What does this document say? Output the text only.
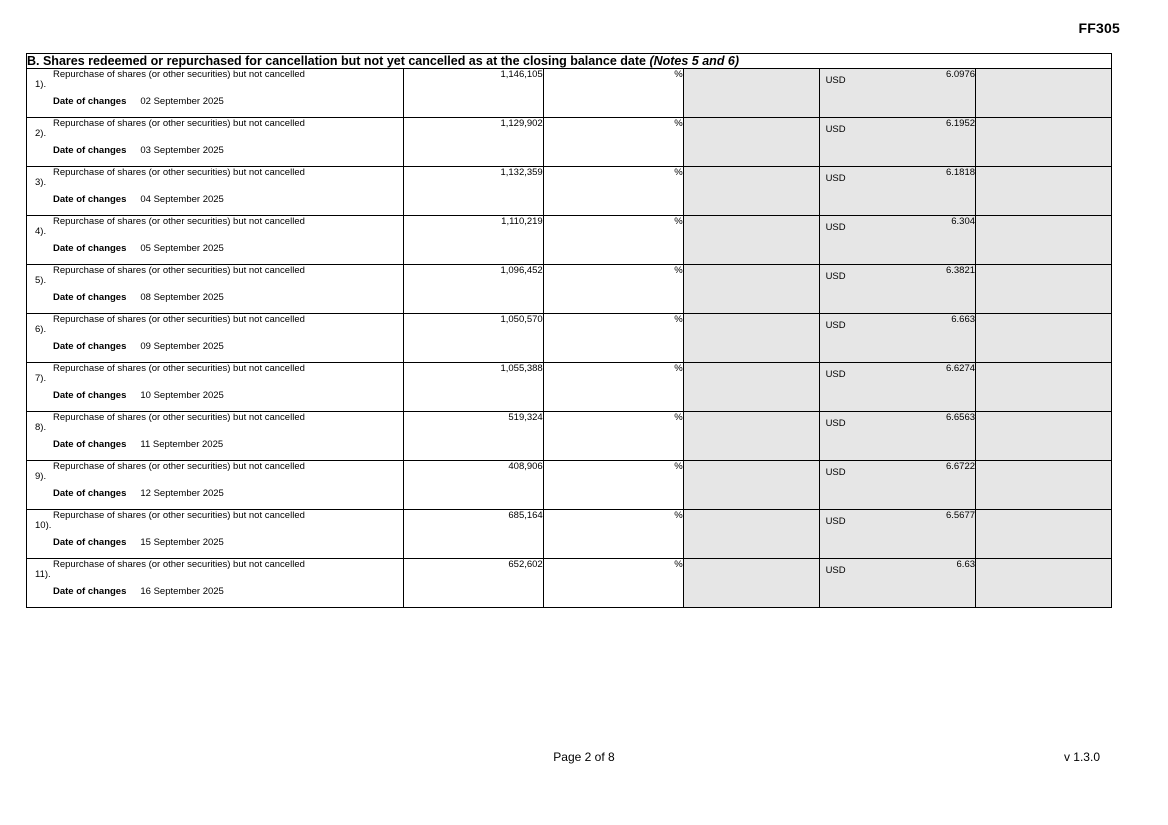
FF305
B. Shares redeemed or repurchased for cancellation but not yet cancelled as at the closing balance date (Notes 5 and 6)					

1).
Repurchase of shares (or other securities) but not cancelled
Date of changes 02 September 2025
	1,146,105	%		
USD
6.0976

2).
Repurchase of shares (or other securities) but not cancelled
Date of changes 03 September 2025
	1,129,902	%		
USD
6.1952

3).
Repurchase of shares (or other securities) but not cancelled
Date of changes 04 September 2025
	1,132,359	%		
USD
6.1818

4).
Repurchase of shares (or other securities) but not cancelled
Date of changes 05 September 2025
	1,110,219	%		
USD
6.304

5).
Repurchase of shares (or other securities) but not cancelled
Date of changes 08 September 2025
	1,096,452	%		
USD
6.3821

6).
Repurchase of shares (or other securities) but not cancelled
Date of changes 09 September 2025
	1,050,570	%		
USD
6.663

7).
Repurchase of shares (or other securities) but not cancelled
Date of changes 10 September 2025
	1,055,388	%		
USD
6.6274

8).
Repurchase of shares (or other securities) but not cancelled
Date of changes 11 September 2025
	519,324	%		
USD
6.6563

9).
Repurchase of shares (or other securities) but not cancelled
Date of changes 12 September 2025
	408,906	%		
USD
6.6722

10).
Repurchase of shares (or other securities) but not cancelled
Date of changes 15 September 2025
	685,164	%		
USD
6.5677

11).
Repurchase of shares (or other securities) but not cancelled
Date of changes 16 September 2025
	652,602	%		
USD
6.63

Page 2 of 8	v 1.3.0
